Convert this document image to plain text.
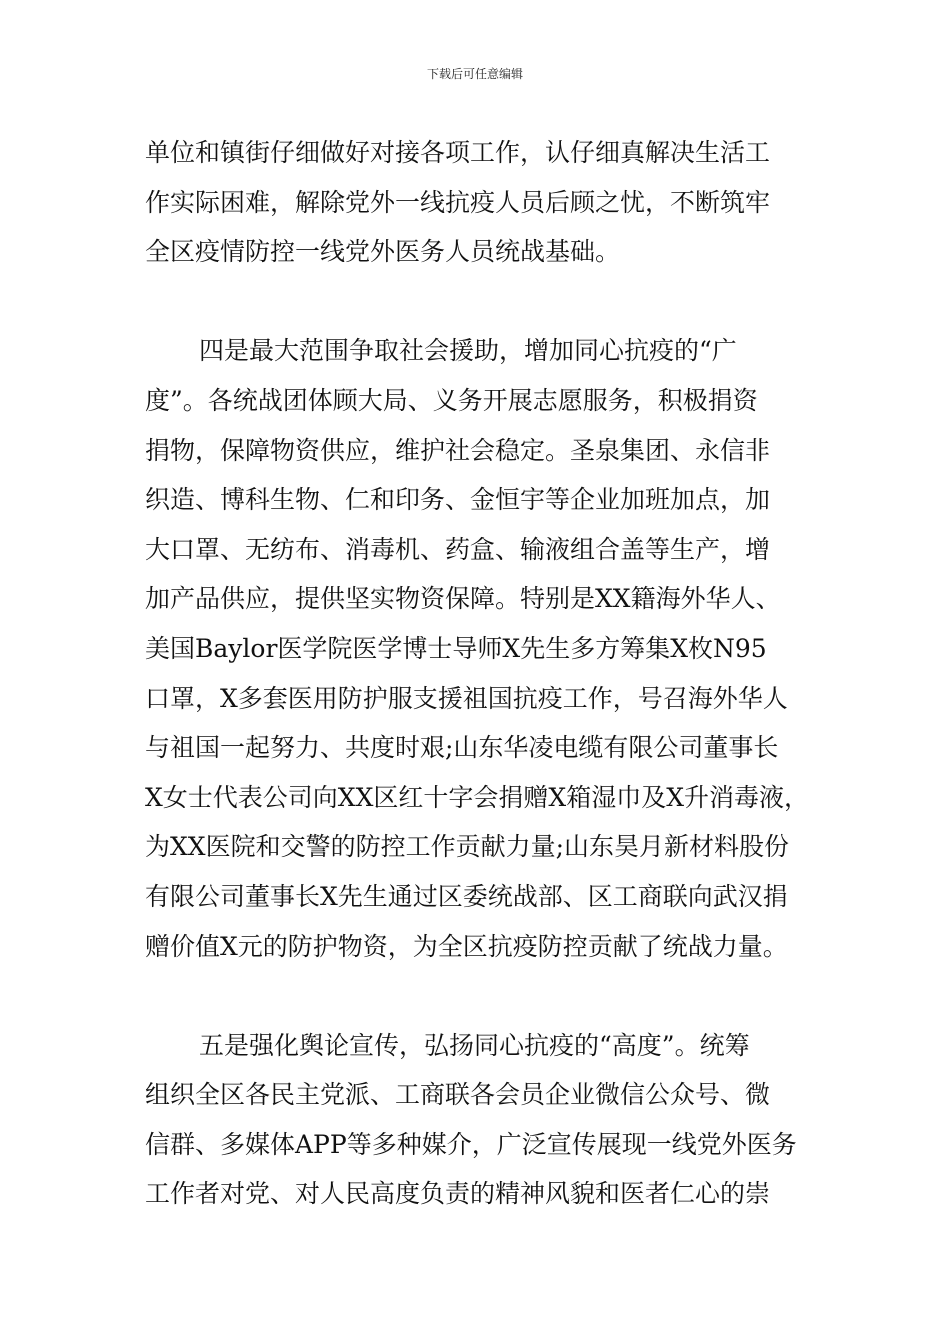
下载后可任意编辑
单位和镇街仔细做好对接各项工作，认仔细真解决生活工
作实际困难，解除党外一线抗疫人员后顾之忧，不断筑牢
全区疫情防控一线党外医务人员统战基础。
四是最大范围争取社会援助，增加同心抗疫的“广
度”。各统战团体顾大局、义务开展志愿服务，积极捐资
捐物，保障物资供应，维护社会稳定。圣泉集团、永信非
织造、博科生物、仁和印务、金恒宇等企业加班加点，加
大口罩、无纺布、消毒机、药盒、输液组合盖等生产，增
加产品供应，提供坚实物资保障。特别是XX籍海外华人、
美国Baylor医学院医学博士导师X先生多方筹集X枚N95
口罩，X多套医用防护服支援祖国抗疫工作，号召海外华人
与祖国一起努力、共度时艰;山东华凌电缆有限公司董事长
X女士代表公司向XX区红十字会捐赠X箱湿巾及X升消毒液，
为XX医院和交警的防控工作贡献力量;山东昊月新材料股份
有限公司董事长X先生通过区委统战部、区工商联向武汉捐
赠价值X元的防护物资，为全区抗疫防控贡献了统战力量。
五是强化舆论宣传，弘扬同心抗疫的“高度”。统筹
组织全区各民主党派、工商联各会员企业微信公众号、微
信群、多媒体APP等多种媒介，广泛宣传展现一线党外医务
工作者对党、对人民高度负责的精神风貌和医者仁心的崇
